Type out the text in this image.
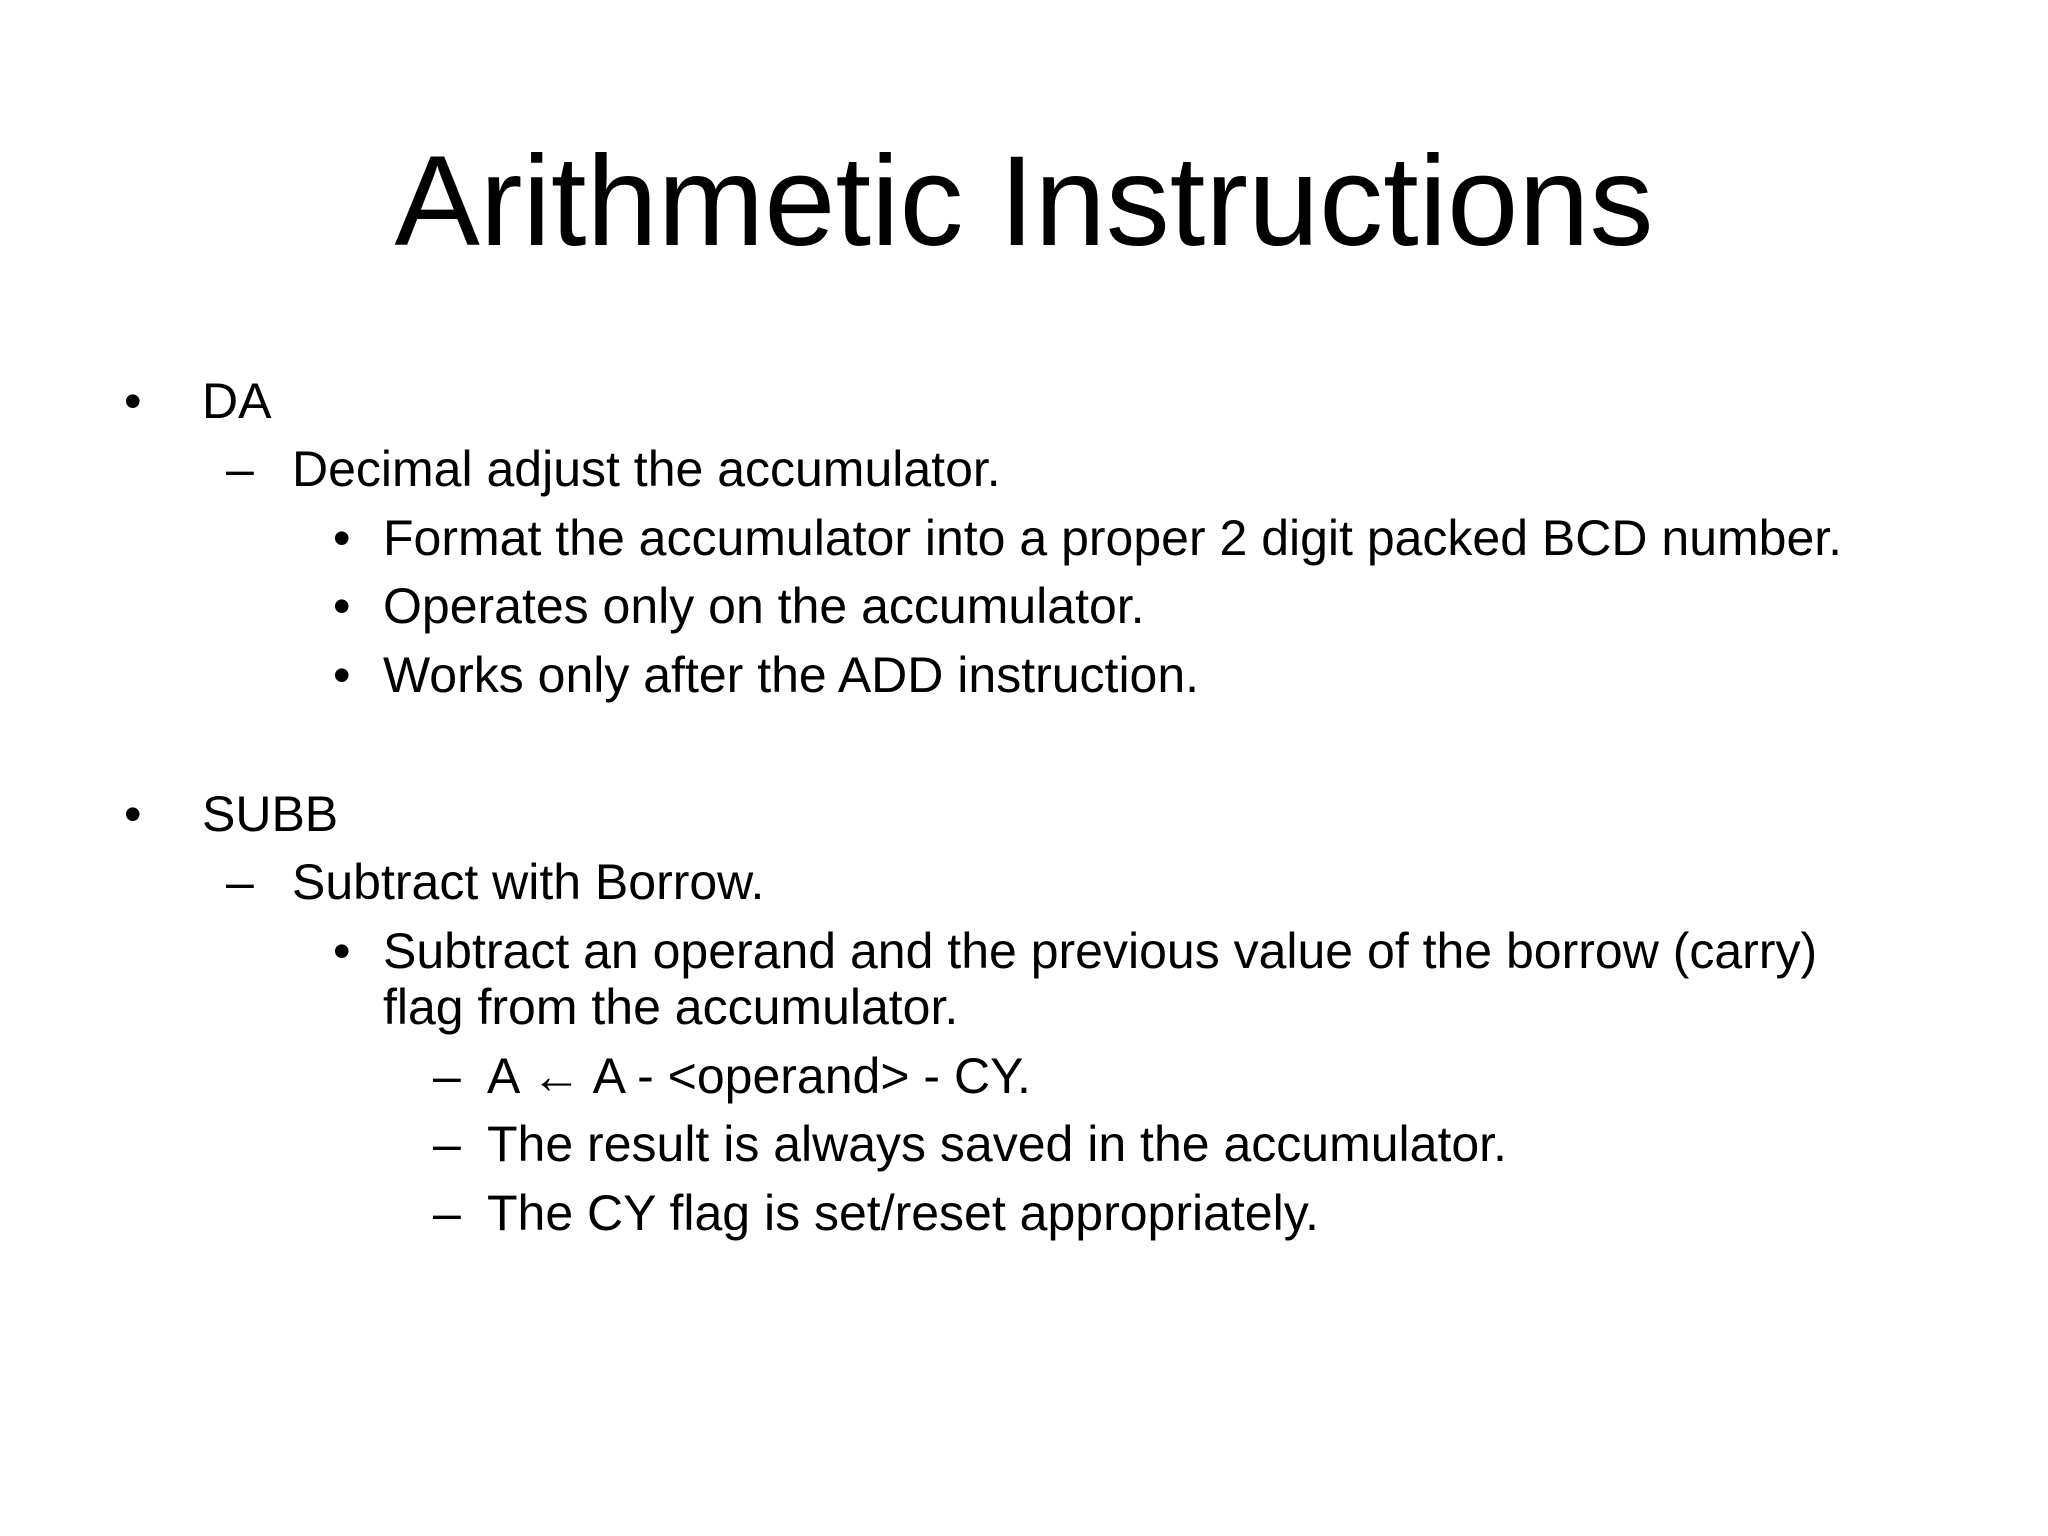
Arithmetic Instructions
• DA
– Decimal adjust the accumulator.
• Format the accumulator into a proper 2 digit packed BCD number.
• Operates only on the accumulator.
• Works only after the ADD instruction.
• SUBB
– Subtract with Borrow.
• Subtract an operand and the previous value of the borrow (carry)
flag from the accumulator.
– A ← A - <operand> - CY.
– The result is always saved in the accumulator.
– The CY flag is set/reset appropriately.
